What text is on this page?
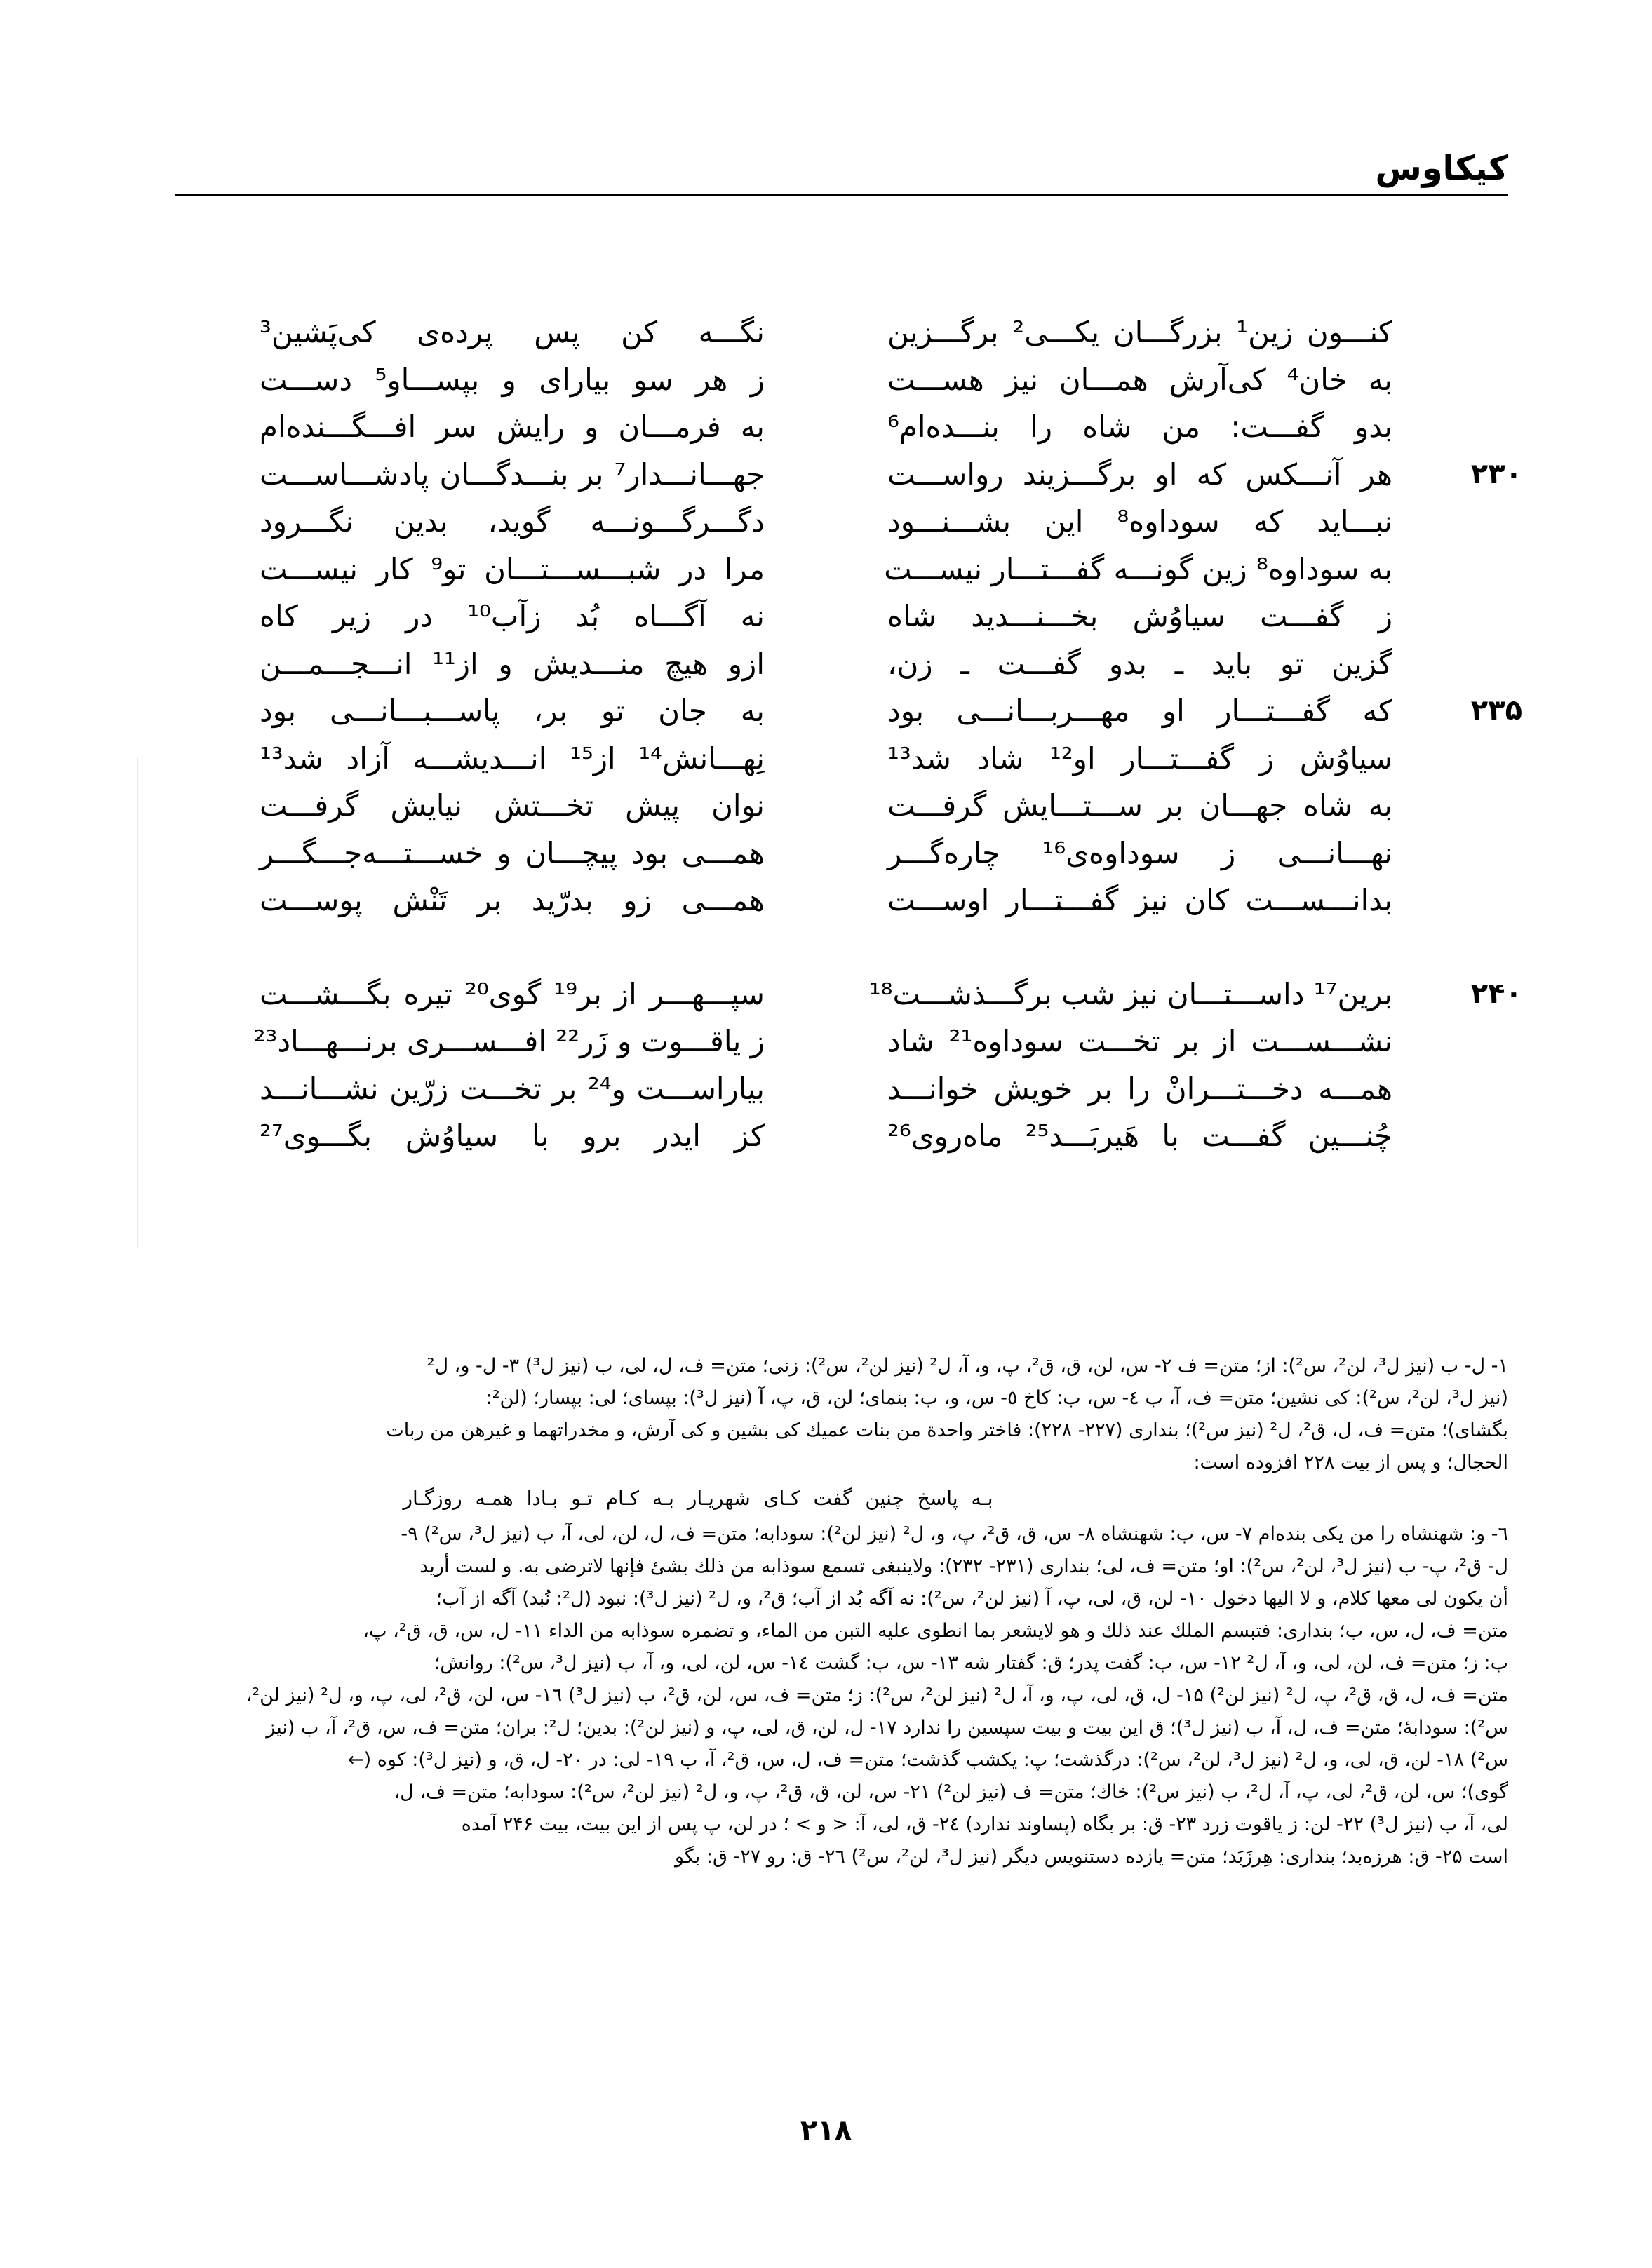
کیکاوس
کنـــون زین¹ بزرگـــان یکـــی² برگـــزین
نگـــه کن پس پرده‌ی کی‌پَشین³
به خان⁴ کی‌آرش همـــان نیز هســـت
ز هر سو بیارای و بپســـاو⁵ دســـت
بدو گفـــت: من شاه را بنـــده‌ام⁶
به فرمـــان و رایش سر افـــگـــنده‌ام
۲۳۰
هر آنـــکس که او برگـــزیند رواســـت
جهـــانـــدار⁷ بر بنـــدگـــان پادشـــاســـت
نبـــاید که سوداوه⁸ این بشـــنـــود
دگـــرگـــونـــه گوید، بدین نگـــرود
به سوداوه⁸ زین گونـــه گفـــتـــار نیســـت
مرا در شبـــســـتـــان تو⁹ کار نیســـت
ز گفـــت سیاوُش بخـــنـــدید شاه
نه آگـــاه بُد زآب¹⁰ در زیر کاه
گزین تو باید ـ بدو گفـــت ـ زن،
ازو هیچ منـــدیش و از¹¹ انـــجـــمـــن
۲۳۵
که گفـــتـــار او مهـــربـــانـــی بود
به جان تو بر، پاســـبـــانـــی بود
سیاوُش ز گفـــتـــار او¹² شاد شد¹³
نِهـــانش¹⁴ از¹⁵ انـــدیشـــه آزاد شد¹³
به شاه جهـــان بر ســـتـــایش گرفـــت
نوان پیش تخـــتش نیایش گرفـــت
نهـــانـــی ز سوداوه‌ی¹⁶ چاره‌گـــر
همـــی بود پیچـــان و خســـتـــه‌جـــگـــر
بدانـــســـت کان نیز گفـــتـــار اوســـت
همـــی زو بدرّید بر تَنْش پوســـت
۲۴۰
برین¹⁷ داســـتـــان نیز شب برگـــذشـــت¹⁸
سپـــهـــر از بر¹⁹ گوی²⁰ تیره بگـــشـــت
نشـــســـت از بر تخـــت سوداوه²¹ شاد
ز یاقـــوت و زَر²² افـــســـری برنـــهـــاد²³
همـــه دخـــتـــرانْ را بر خویش خوانـــد
بیاراســـت و²⁴ بر تخـــت زرّین نشـــانـــد
چُنـــین گفـــت با هَیربَـــد²⁵ ماه‌روی²⁶
کز ایدر برو با سیاوُش بگـــوی²⁷
۱- ل- ب (نیز ل³، لن²، س²): از؛ متن= ف ۲- س، لن، ق، ق²، پ، و، آ، ل² (نیز لن²، س²): زنی؛ متن= ف، ل، لی، ب (نیز ل³) ۳- ل- و، ل²
(نیز ل³، لن²، س²): کی نشین؛ متن= ف، آ، ب ٤- س، ب: کاخ ٥- س، و، ب: بنمای؛ لن، ق، پ، آ (نیز ل³): بپسای؛ لی: بپسار؛ (لن²:
بگشای)؛ متن= ف، ل، ق²، ل² (نیز س²)؛ بنداری (۲۲۷- ۲۲۸): فاختر واحدة من بنات عمیك کی بشین و کی آرش، و مخدراتهما و غیرهن من ربات
الحجال؛ و پس از بیت ۲۲۸ افزوده است:
بـه پاسخ چنین گفت کـای شهریـار بـه کـام تـو بـادا همـه روزگـار
٦- و: شهنشاه را من یکی بنده‌ام ۷- س، ب: شهنشاه ۸- س، ق، ق²، پ، و، ل² (نیز لن²): سودابه؛ متن= ف، ل، لن، لی، آ، ب (نیز ل³، س²) ۹-
ل- ق²، پ- ب (نیز ل³، لن²، س²): او؛ متن= ف، لی؛ بنداری (۲۳۱- ۲۳۲): ولاینبغی تسمع سوذابه من ذلك بشیٔ فإنها لاترضی به. و لست أرید
أن یکون لی معها کلام، و لا الیها دخول ۱۰- لن، ق، لی، پ، آ (نیز لن²، س²): نه آگه بُد از آب؛ ق²، و، ل² (نیز ل³): نبود (ل²: نُبد) آگه از آب؛
متن= ف، ل، س، ب؛ بنداری: فتبسم الملك عند ذلك و هو لایشعر بما انطوی علیه التبن من الماء، و تضمره سوذابه من الداء ۱۱- ل، س، ق، ق²، پ،
ب: ز؛ متن= ف، لن، لی، و، آ، ل² ۱۲- س، ب: گفت پدر؛ ق: گفتار شه ۱۳- س، ب: گشت ۱٤- س، لن، لی، و، آ، ب (نیز ل³، س²): روانش؛
متن= ف، ل، ق، ق²، پ، ل² (نیز لن²) ۱۵- ل، ق، لی، پ، و، آ، ل² (نیز لن²، س²): ز؛ متن= ف، س، لن، ق²، ب (نیز ل³) ۱٦- س، لن، ق²، لی، پ، و، ل² (نیز لن²،
س²): سودابهٔ؛ متن= ف، ل، آ، ب (نیز ل³)؛ ق این بیت و بیت سپسین را ندارد ۱۷- ل، لن، ق، لی، پ، و (نیز لن²): بدین؛ ل²: بران؛ متن= ف، س، ق²، آ، ب (نیز
س²) ۱۸- لن، ق، لی، و، ل² (نیز ل³، لن²، س²): درگذشت؛ پ: یکشب گذشت؛ متن= ف، ل، س، ق²، آ، ب ۱۹- لی: در ۲۰- ل، ق، و (نیز ل³): کوه (←
گوی)؛ س، لن، ق²، لی، پ، آ، ل²، ب (نیز س²): خاك؛ متن= ف (نیز لن²) ۲۱- س، لن، ق، ق²، پ، و، ل² (نیز لن²، س²): سودابه؛ متن= ف، ل،
لی، آ، ب (نیز ل³) ۲۲- لن: ز یاقوت زرد ۲۳- ق: بر بگاه (پساوند ندارد) ۲٤- ق، لی، آ: < و > ؛ در لن، پ پس از این بیت، بیت ۲۴۶ آمده
است ۲۵- ق: هرزه‌بد؛ بنداری: هِرزَبَد؛ متن= یازده دستنویس دیگر (نیز ل³، لن²، س²) ۲٦- ق: رو ۲۷- ق: بگو
۲۱۸
